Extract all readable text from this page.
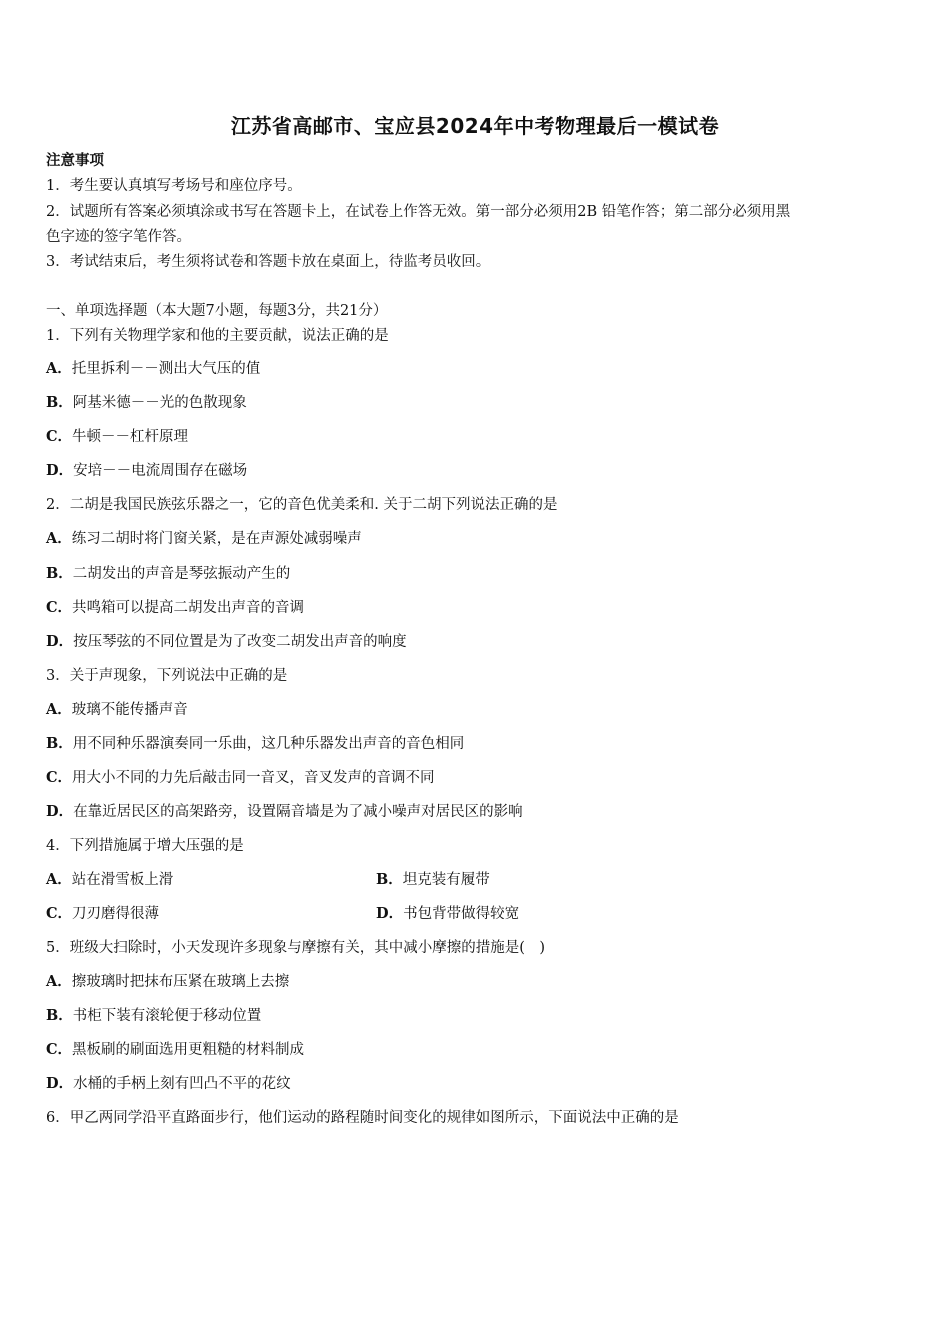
江苏省高邮市、宝应县2024年中考物理最后一模试卷
注意事项
1．考生要认真填写考场号和座位序号。
2．试题所有答案必须填涂或书写在答题卡上，在试卷上作答无效。第一部分必须用2B 铅笔作答；第二部分必须用黑
色字迹的签字笔作答。
3．考试结束后，考生须将试卷和答题卡放在桌面上，待监考员收回。
一、单项选择题（本大题7小题，每题3分，共21分）
1．下列有关物理学家和他的主要贡献，说法正确的是
A．托里拆利－－测出大气压的值
B．阿基米德－－光的色散现象
C．牛顿－－杠杆原理
D．安培－－电流周围存在磁场
2．二胡是我国民族弦乐器之一，它的音色优美柔和. 关于二胡下列说法正确的是
A．练习二胡时将门窗关紧，是在声源处减弱噪声
B．二胡发出的声音是琴弦振动产生的
C．共鸣箱可以提高二胡发出声音的音调
D．按压琴弦的不同位置是为了改变二胡发出声音的响度
3．关于声现象，下列说法中正确的是
A．玻璃不能传播声音
B．用不同种乐器演奏同一乐曲，这几种乐器发出声音的音色相同
C．用大小不同的力先后敲击同一音叉，音叉发声的音调不同
D．在靠近居民区的高架路旁，设置隔音墙是为了减小噪声对居民区的影响
4．下列措施属于增大压强的是
A．站在滑雪板上滑	B．坦克装有履带
C．刀刃磨得很薄	D．书包背带做得较宽
5．班级大扫除时，小天发现许多现象与摩擦有关，其中减小摩擦的措施是(　)
A．擦玻璃时把抹布压紧在玻璃上去擦
B．书柜下装有滚轮便于移动位置
C．黑板刷的刷面选用更粗糙的材料制成
D．水桶的手柄上刻有凹凸不平的花纹
6．甲乙两同学沿平直路面步行，他们运动的路程随时间变化的规律如图所示，下面说法中正确的是
